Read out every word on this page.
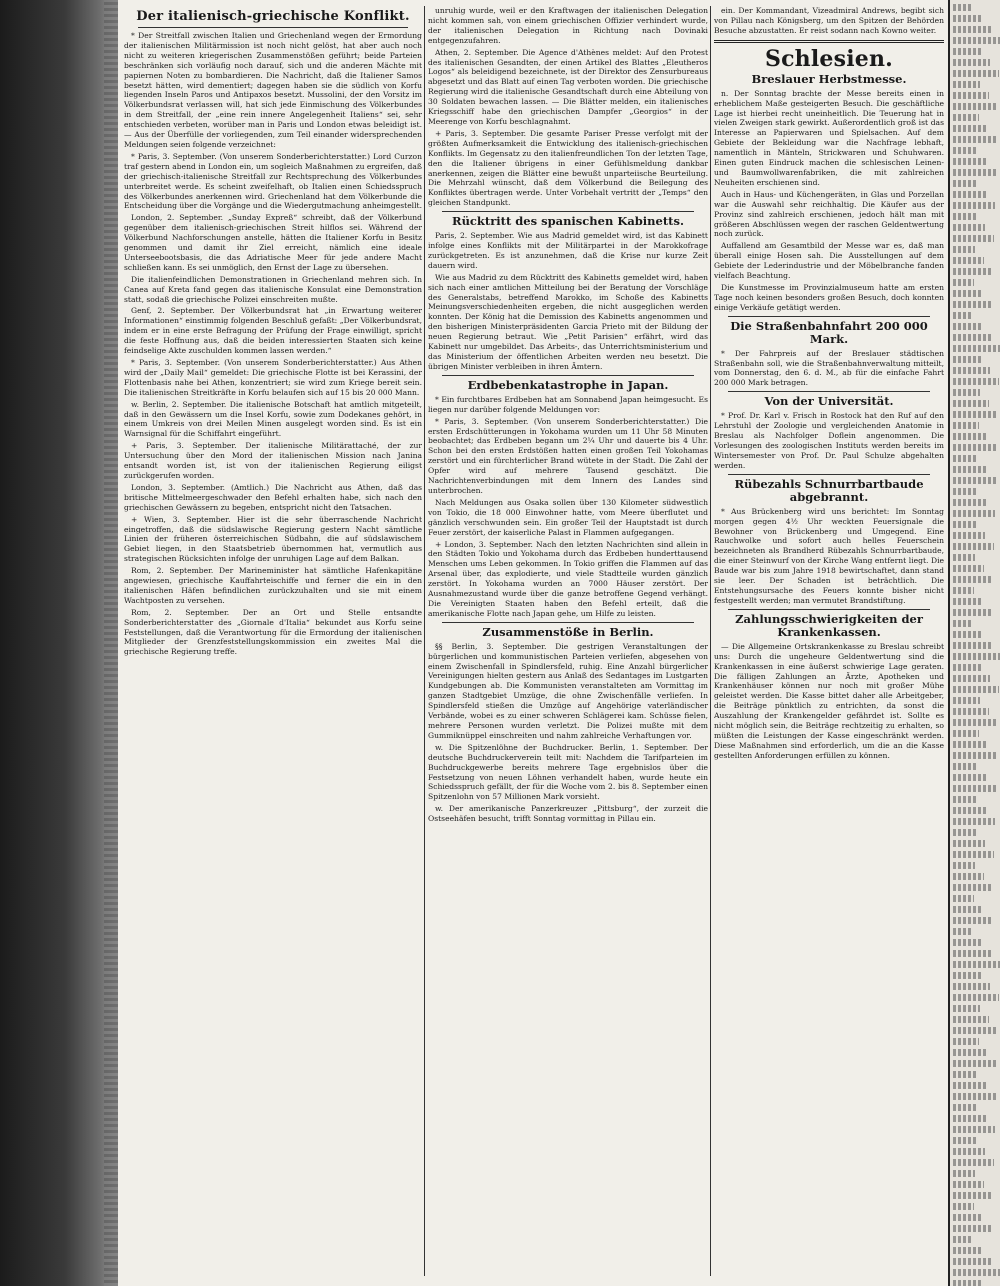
Der italienisch-griechische Konflikt.

* Der Streitfall zwischen Italien und Griechenland wegen der Ermordung der italienischen Militärmission ist noch nicht gelöst, hat aber auch noch nicht zu weiteren kriegerischen Zusammenstößen geführt; beide Parteien beschränken sich vorläufig noch darauf, sich und die anderen Mächte mit papiernen Noten zu bombardieren. Die Nachricht, daß die Italiener Samos besetzt hätten, wird dementiert; dagegen haben sie die südlich von Korfu liegenden Inseln Paros und Antipaxos besetzt. Mussolini, der den Vorsitz im Völkerbundsrat verlassen will, hat sich jede Einmischung des Völkerbundes in dem Streitfall, der „eine rein innere Angelegenheit Italiens“ sei, sehr entschieden verbeten, worüber man in Paris und London etwas beleidigt ist. — Aus der Überfülle der vorliegenden, zum Teil einander widersprechenden Meldungen seien folgende verzeichnet:

* Paris, 3. September. (Von unserem Sonderberichterstatter.) Lord Curzon traf gestern abend in London ein, um sogleich Maßnahmen zu ergreifen, daß der griechisch-italienische Streitfall zur Rechtsprechung des Völkerbundes unterbreitet werde. Es scheint zweifelhaft, ob Italien einen Schiedsspruch des Völkerbundes anerkennen wird. Griechenland hat dem Völkerbunde die Entscheidung über die Vorgänge und die Wiedergutmachung anheimgestellt.

London, 2. September. „Sunday Expreß“ schreibt, daß der Völkerbund gegenüber dem italienisch-griechischen Streit hilflos sei. Während der Völkerbund Nachforschungen anstelle, hätten die Italiener Korfu in Besitz genommen und damit ihr Ziel erreicht, nämlich eine ideale Unterseebootsbasis, die das Adriatische Meer für jede andere Macht schließen kann. Es sei unmöglich, den Ernst der Lage zu übersehen.

Die italienfeindlichen Demonstrationen in Griechenland mehren sich. In Canea auf Kreta fand gegen das italienische Konsulat eine Demonstration statt, sodaß die griechische Polizei einschreiten mußte.

Genf, 2. September. Der Völkerbundsrat hat „in Erwartung weiterer Informationen“ einstimmig folgenden Beschluß gefaßt: „Der Völkerbundsrat, indem er in eine erste Befragung der Prüfung der Frage einwilligt, spricht die feste Hoffnung aus, daß die beiden interessierten Staaten sich keine feindselige Akte zuschulden kommen lassen werden.“

* Paris, 3. September. (Von unserem Sonderberichterstatter.) Aus Athen wird der „Daily Mail“ gemeldet: Die griechische Flotte ist bei Kerassini, der Flottenbasis nahe bei Athen, konzentriert; sie wird zum Kriege bereit sein. Die italienischen Streitkräfte in Korfu belaufen sich auf 15 bis 20 000 Mann.

w. Berlin, 2. September. Die italienische Botschaft hat amtlich mitgeteilt, daß in den Gewässern um die Insel Korfu, sowie zum Dodekanes gehört, in einem Umkreis von drei Meilen Minen ausgelegt worden sind. Es ist ein Warnsignal für die Schiffahrt eingeführt.

+ Paris, 3. September. Der italienische Militärattaché, der zur Untersuchung über den Mord der italienischen Mission nach Janina entsandt worden ist, ist von der italienischen Regierung eiligst zurückgerufen worden.

London, 3. September. (Amtlich.) Die Nachricht aus Athen, daß das britische Mittelmeergeschwader den Befehl erhalten habe, sich nach den griechischen Gewässern zu begeben, entspricht nicht den Tatsachen.

+ Wien, 3. September. Hier ist die sehr überraschende Nachricht eingetroffen, daß die südslawische Regierung gestern Nacht sämtliche Linien der früheren österreichischen Südbahn, die auf südslawischem Gebiet liegen, in den Staatsbetrieb übernommen hat, vermutlich aus strategischen Rücksichten infolge der unruhigen Lage auf dem Balkan.

Rom, 2. September. Der Marineminister hat sämtliche Hafenkapitäne angewiesen, griechische Kauffahrteischiffe und ferner die ein in den italienischen Häfen befindlichen zurückzuhalten und sie mit einem Wachtposten zu versehen.

Rom, 2. September. Der an Ort und Stelle entsandte Sonderberichterstatter des „Giornale d'Italia“ bekundet aus Korfu seine Feststellungen, daß die Verantwortung für die Ermordung der italienischen Mitglieder der Grenzfeststellungskommission ein zweites Mal die griechische Regierung treffe.

unruhig wurde, weil er den Kraftwagen der italienischen Delegation nicht kommen sah, von einem griechischen Offizier verhindert wurde, der italienischen Delegation in Richtung nach Dovinaki entgegenzufahren.

Athen, 2. September. Die Agence d'Athènes meldet: Auf den Protest des italienischen Gesandten, der einen Artikel des Blattes „Eleutheros Logos“ als beleidigend bezeichnete, ist der Direktor des Zensurbureaus abgesetzt und das Blatt auf einen Tag verboten worden. Die griechische Regierung wird die italienische Gesandtschaft durch eine Abteilung von 30 Soldaten bewachen lassen. — Die Blätter melden, ein italienisches Kriegsschiff habe den griechischen Dampfer „Georgios“ in der Meerenge von Korfu beschlagnahmt.

+ Paris, 3. September. Die gesamte Pariser Presse verfolgt mit der größten Aufmerksamkeit die Entwicklung des italienisch-griechischen Konflikts. Im Gegensatz zu den italienfreundlichen Ton der letzten Tage, den die Italiener übrigens in einer Gefühlsmeldung dankbar anerkennen, zeigen die Blätter eine bewußt unparteiische Beurteilung. Die Mehrzahl wünscht, daß dem Völkerbund die Beilegung des Konfliktes übertragen werde. Unter Vorbehalt vertritt der „Temps“ den gleichen Standpunkt.

Rücktritt des spanischen Kabinetts.

Paris, 2. September. Wie aus Madrid gemeldet wird, ist das Kabinett infolge eines Konflikts mit der Militärpartei in der Marokkofrage zurückgetreten. Es ist anzunehmen, daß die Krise nur kurze Zeit dauern wird.

Wie aus Madrid zu dem Rücktritt des Kabinetts gemeldet wird, haben sich nach einer amtlichen Mitteilung bei der Beratung der Vorschläge des Generalstabs, betreffend Marokko, im Schoße des Kabinetts Meinungsverschiedenheiten ergeben, die nicht ausgeglichen werden konnten. Der König hat die Demission des Kabinetts angenommen und den bisherigen Ministerpräsidenten Garcia Prieto mit der Bildung der neuen Regierung betraut. Wie „Petit Parisien“ erfährt, wird das Kabinett nur umgebildet. Das Arbeits-, das Unterrichtsministerium und das Ministerium der öffentlichen Arbeiten werden neu besetzt. Die übrigen Minister verbleiben in ihren Ämtern.

Erdbebenkatastrophe in Japan.

* Ein furchtbares Erdbeben hat am Sonnabend Japan heimgesucht. Es liegen nur darüber folgende Meldungen vor:

* Paris, 3. September. (Von unserem Sonderberichterstatter.) Die ersten Erdschütterungen in Yokohama wurden um 11 Uhr 58 Minuten beobachtet; das Erdbeben begann um 2¼ Uhr und dauerte bis 4 Uhr. Schon bei den ersten Erdstößen hatten einen großen Teil Yokohamas zerstört und ein fürchterlicher Brand wütete in der Stadt. Die Zahl der Opfer wird auf mehrere Tausend geschätzt. Die Nachrichtenverbindungen mit dem Innern des Landes sind unterbrochen.

Nach Meldungen aus Osaka sollen über 130 Kilometer südwestlich von Tokio, die 18 000 Einwohner hatte, vom Meere überflutet und gänzlich verschwunden sein. Ein großer Teil der Hauptstadt ist durch Feuer zerstört, der kaiserliche Palast in Flammen aufgegangen.

+ London, 3. September. Nach den letzten Nachrichten sind allein in den Städten Tokio und Yokohama durch das Erdbeben hunderttausend Menschen ums Leben gekommen. In Tokio griffen die Flammen auf das Arsenal über, das explodierte, und viele Stadtteile wurden gänzlich zerstört. In Yokohama wurden an 7000 Häuser zerstört. Der Ausnahmezustand wurde über die ganze betroffene Gegend verhängt. Die Vereinigten Staaten haben den Befehl erteilt, daß die amerikanische Flotte nach Japan gehe, um Hilfe zu leisten.

Zusammenstöße in Berlin.

§§ Berlin, 3. September. Die gestrigen Veranstaltungen der bürgerlichen und kommunistischen Parteien verliefen, abgesehen von einem Zwischenfall in Spindlersfeld, ruhig. Eine Anzahl bürgerlicher Vereinigungen hielten gestern aus Anlaß des Sedantages im Lustgarten Kundgebungen ab. Die Kommunisten veranstalteten am Vormittag im ganzen Stadtgebiet Umzüge, die ohne Zwischenfälle verliefen. In Spindlersfeld stießen die Umzüge auf Angehörige vaterländischer Verbände, wobei es zu einer schweren Schlägerei kam. Schüsse fielen, mehrere Personen wurden verletzt. Die Polizei mußte mit dem Gummiknüppel einschreiten und nahm zahlreiche Verhaftungen vor.

w. Die Spitzenlöhne der Buchdrucker. Berlin, 1. September. Der deutsche Buchdruckerverein teilt mit: Nachdem die Tarifparteien im Buchdruckgewerbe bereits mehrere Tage ergebnislos über die Festsetzung von neuen Löhnen verhandelt haben, wurde heute ein Schiedsspruch gefällt, der für die Woche vom 2. bis 8. September einen Spitzenlohn von 57 Millionen Mark vorsieht.

w. Der amerikanische Panzerkreuzer „Pittsburg“, der zurzeit die Ostseehäfen besucht, trifft Sonntag vormittag in Pillau ein.

ein. Der Kommandant, Vizeadmiral Andrews, begibt sich von Pillau nach Königsberg, um den Spitzen der Behörden Besuche abzustatten. Er reist sodann nach Kowno weiter.

Schlesien.
Breslauer Herbstmesse.

n. Der Sonntag brachte der Messe bereits einen in erheblichem Maße gesteigerten Besuch. Die geschäftliche Lage ist hierbei recht uneinheitlich. Die Teuerung hat in vielen Zweigen stark gewirkt. Außerordentlich groß ist das Interesse an Papierwaren und Spielsachen. Auf dem Gebiete der Bekleidung war die Nachfrage lebhaft, namentlich in Mänteln, Strickwaren und Schuhwaren. Einen guten Eindruck machen die schlesischen Leinen- und Baumwollwarenfabriken, die mit zahlreichen Neuheiten erschienen sind.

Auch in Haus- und Küchengeräten, in Glas und Porzellan war die Auswahl sehr reichhaltig. Die Käufer aus der Provinz sind zahlreich erschienen, jedoch hält man mit größeren Abschlüssen wegen der raschen Geldentwertung noch zurück.

Auffallend am Gesamtbild der Messe war es, daß man überall einige Hosen sah. Die Ausstellungen auf dem Gebiete der Lederindustrie und der Möbelbranche fanden vielfach Beachtung.

Die Kunstmesse im Provinzialmuseum hatte am ersten Tage noch keinen besonders großen Besuch, doch konnten einige Verkäufe getätigt werden.

Die Straßenbahnfahrt 200 000 Mark.

* Der Fahrpreis auf der Breslauer städtischen Straßenbahn soll, wie die Straßenbahnverwaltung mitteilt, vom Donnerstag, den 6. d. M., ab für die einfache Fahrt 200 000 Mark betragen.

Von der Universität.

* Prof. Dr. Karl v. Frisch in Rostock hat den Ruf auf den Lehrstuhl der Zoologie und vergleichenden Anatomie in Breslau als Nachfolger Doflein angenommen. Die Vorlesungen des zoologischen Instituts werden bereits im Wintersemester von Prof. Dr. Paul Schulze abgehalten werden.

Rübezahls Schnurrbartbaude abgebrannt.

* Aus Brückenberg wird uns berichtet: Im Sonntag morgen gegen 4½ Uhr weckten Feuersignale die Bewohner von Brückenberg und Umgegend. Eine Rauchwolke und sofort auch helles Feuerschein bezeichneten als Brandherd Rübezahls Schnurrbartbaude, die einer Steinwurf von der Kirche Wang entfernt liegt. Die Baude war bis zum Jahre 1918 bewirtschaftet, dann stand sie leer. Der Schaden ist beträchtlich. Die Entstehungsursache des Feuers konnte bisher nicht festgestellt werden; man vermutet Brandstiftung.

Zahlungsschwierigkeiten der Krankenkassen.

— Die Allgemeine Ortskrankenkasse zu Breslau schreibt uns: Durch die ungeheure Geldentwertung sind die Krankenkassen in eine äußerst schwierige Lage geraten. Die fälligen Zahlungen an Ärzte, Apotheken und Krankenhäuser können nur noch mit großer Mühe geleistet werden. Die Kasse bittet daher alle Arbeitgeber, die Beiträge pünktlich zu entrichten, da sonst die Auszahlung der Krankengelder gefährdet ist. Sollte es nicht möglich sein, die Beiträge rechtzeitig zu erhalten, so müßten die Leistungen der Kasse eingeschränkt werden. Diese Maßnahmen sind erforderlich, um die an die Kasse gestellten Anforderungen erfüllen zu können.
